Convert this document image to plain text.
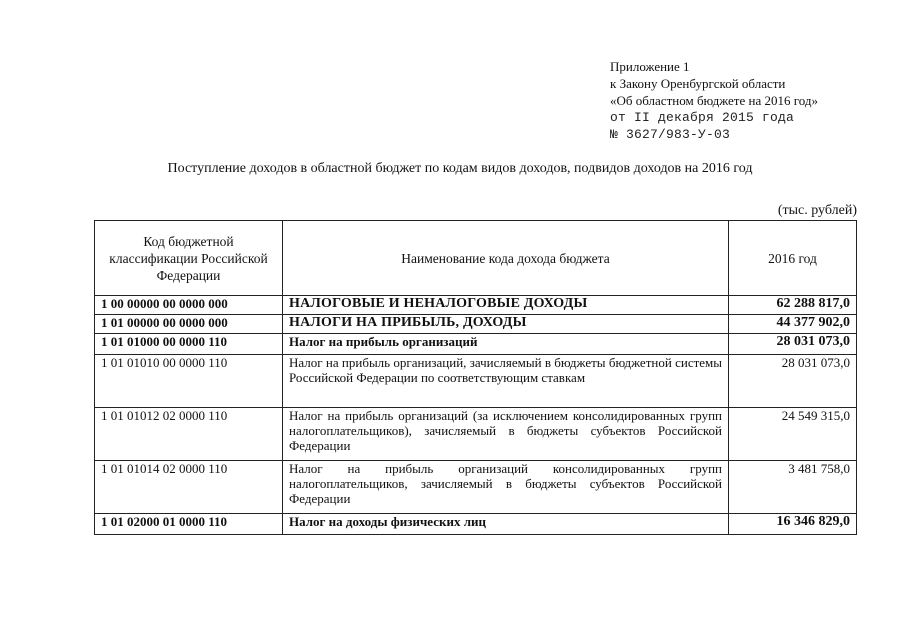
Приложение 1
к Закону Оренбургской области
«Об областном бюджете на 2016 год»
от II декабря 2015 года
№ 3627/983-У-03
Поступление доходов в областной бюджет по кодам видов доходов, подвидов доходов на 2016 год
(тыс. рублей)
Код бюджетной классификации Российской Федерации	Наименование кода дохода бюджета	2016 год
1 00 00000 00 0000 000	НАЛОГОВЫЕ И НЕНАЛОГОВЫЕ ДОХОДЫ	62 288 817,0
1 01 00000 00 0000 000	НАЛОГИ НА ПРИБЫЛЬ, ДОХОДЫ	44 377 902,0
1 01 01000 00 0000 110	Налог на прибыль организаций	28 031 073,0
1 01 01010 00 0000 110	Налог на прибыль организаций, зачисляемый в бюджеты бюджетной системы Российской Федерации по соответствующим ставкам	28 031 073,0
1 01 01012 02 0000 110	Налог на прибыль организаций (за исключением консолидированных групп налогоплательщиков), зачисляемый в бюджеты субъектов Российской Федерации	24 549 315,0
1 01 01014 02 0000 110	Налог на прибыль организаций консолидированных групп налогоплательщиков, зачисляемый в бюджеты субъектов Российской Федерации	3 481 758,0
1 01 02000 01 0000 110	Налог на доходы физических лиц	16 346 829,0
